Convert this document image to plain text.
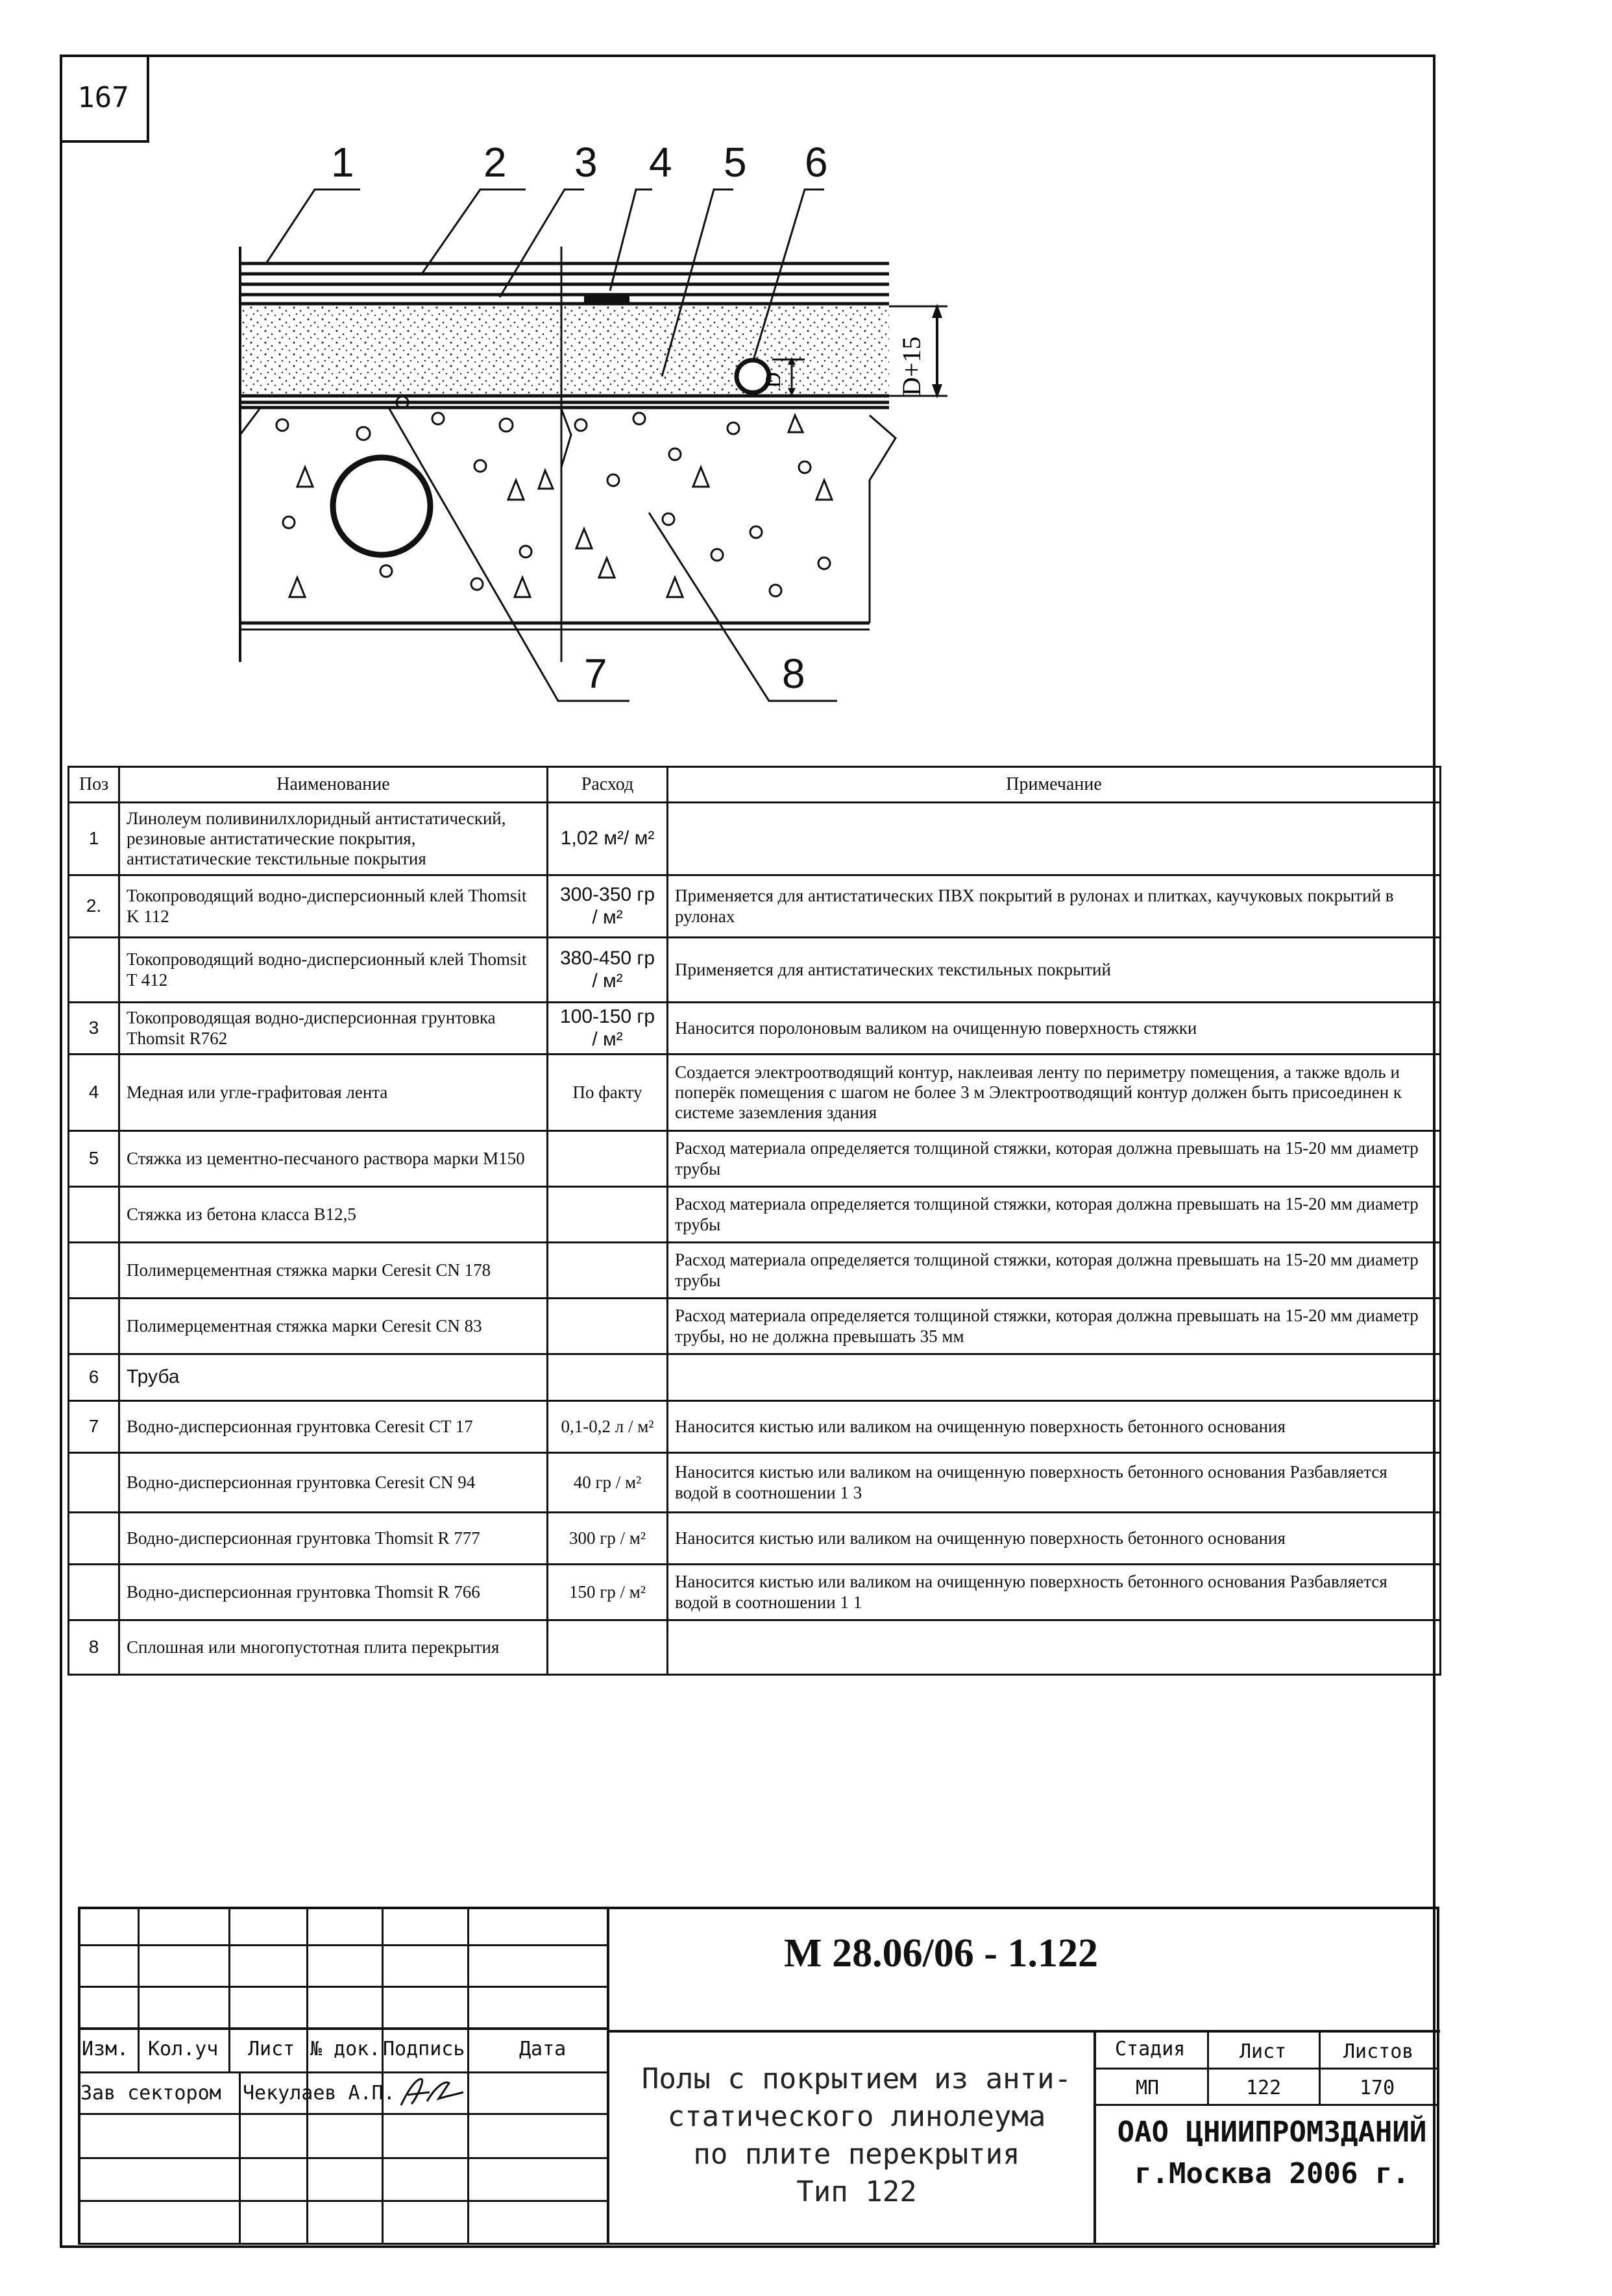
167
D	D+15
1	2 3 4 5 6
7	8
Поз	Наименование	Расход	Примечание
1	Линолеум поливинилхлоридный антистатический, резиновые антистатические покрытия, антистатические текстильные покрытия	1,02 м²/ м²	
2.	Токопроводящий водно-дисперсионный клей Thomsit K 112	300-350 гр / м²	Применяется для антистатических ПВХ покрытий в рулонах и плитках, каучуковых покрытий в рулонах
	Токопроводящий водно-дисперсионный клей Thomsit T 412	380-450 гр / м²	Применяется для антистатических текстильных покрытий
3	Токопроводящая водно-дисперсионная грунтовка Thomsit R762	100-150 гр / м²	Наносится поролоновым валиком на очищенную поверхность стяжки
4	Медная или угле-графитовая лента	По факту	Создается электроотводящий контур, наклеивая ленту по периметру помещения, а также вдоль и поперёк помещения с шагом не более 3 м Электроотводящий контур должен быть присоединен к системе заземления здания
5	Стяжка из цементно-песчаного раствора марки М150		Расход материала определяется толщиной стяжки, которая должна превышать на 15-20 мм диаметр трубы
	Стяжка из бетона класса В12,5		Расход материала определяется толщиной стяжки, которая должна превышать на 15-20 мм диаметр трубы
	Полимерцементная стяжка марки Ceresit CN 178		Расход материала определяется толщиной стяжки, которая должна превышать на 15-20 мм диаметр трубы
	Полимерцементная стяжка марки Ceresit CN 83		Расход материала определяется толщиной стяжки, которая должна превышать на 15-20 мм диаметр трубы, но не должна превышать 35 мм
6	Труба		
7	Водно-дисперсионная грунтовка Ceresit CT 17	0,1-0,2 л / м²	Наносится кистью или валиком на очищенную поверхность бетонного основания
	Водно-дисперсионная грунтовка Ceresit CN 94	40 гр / м²	Наносится кистью или валиком на очищенную поверхность бетонного основания Разбавляется водой в соотношении 1 3
	Водно-дисперсионная грунтовка Thomsit R 777	300 гр / м²	Наносится кистью или валиком на очищенную поверхность бетонного основания
	Водно-дисперсионная грунтовка Thomsit R 766	150 гр / м²	Наносится кистью или валиком на очищенную поверхность бетонного основания Разбавляется водой в соотношении 1 1
8	Сплошная или многопустотная плита перекрытия		
Изм. Кол.уч Лист № док. Подпись	Дата
Зав сектором Чекулаев А.П.
Стадия	Лист	Листов
МП	122	170
М 28.06/06 - 1.122
Полы с покрытием из анти-
статического линолеума
по плите перекрытия
Тип 122
ОАО ЦНИИПРОМЗДАНИЙ
г.Москва 2006 г.
